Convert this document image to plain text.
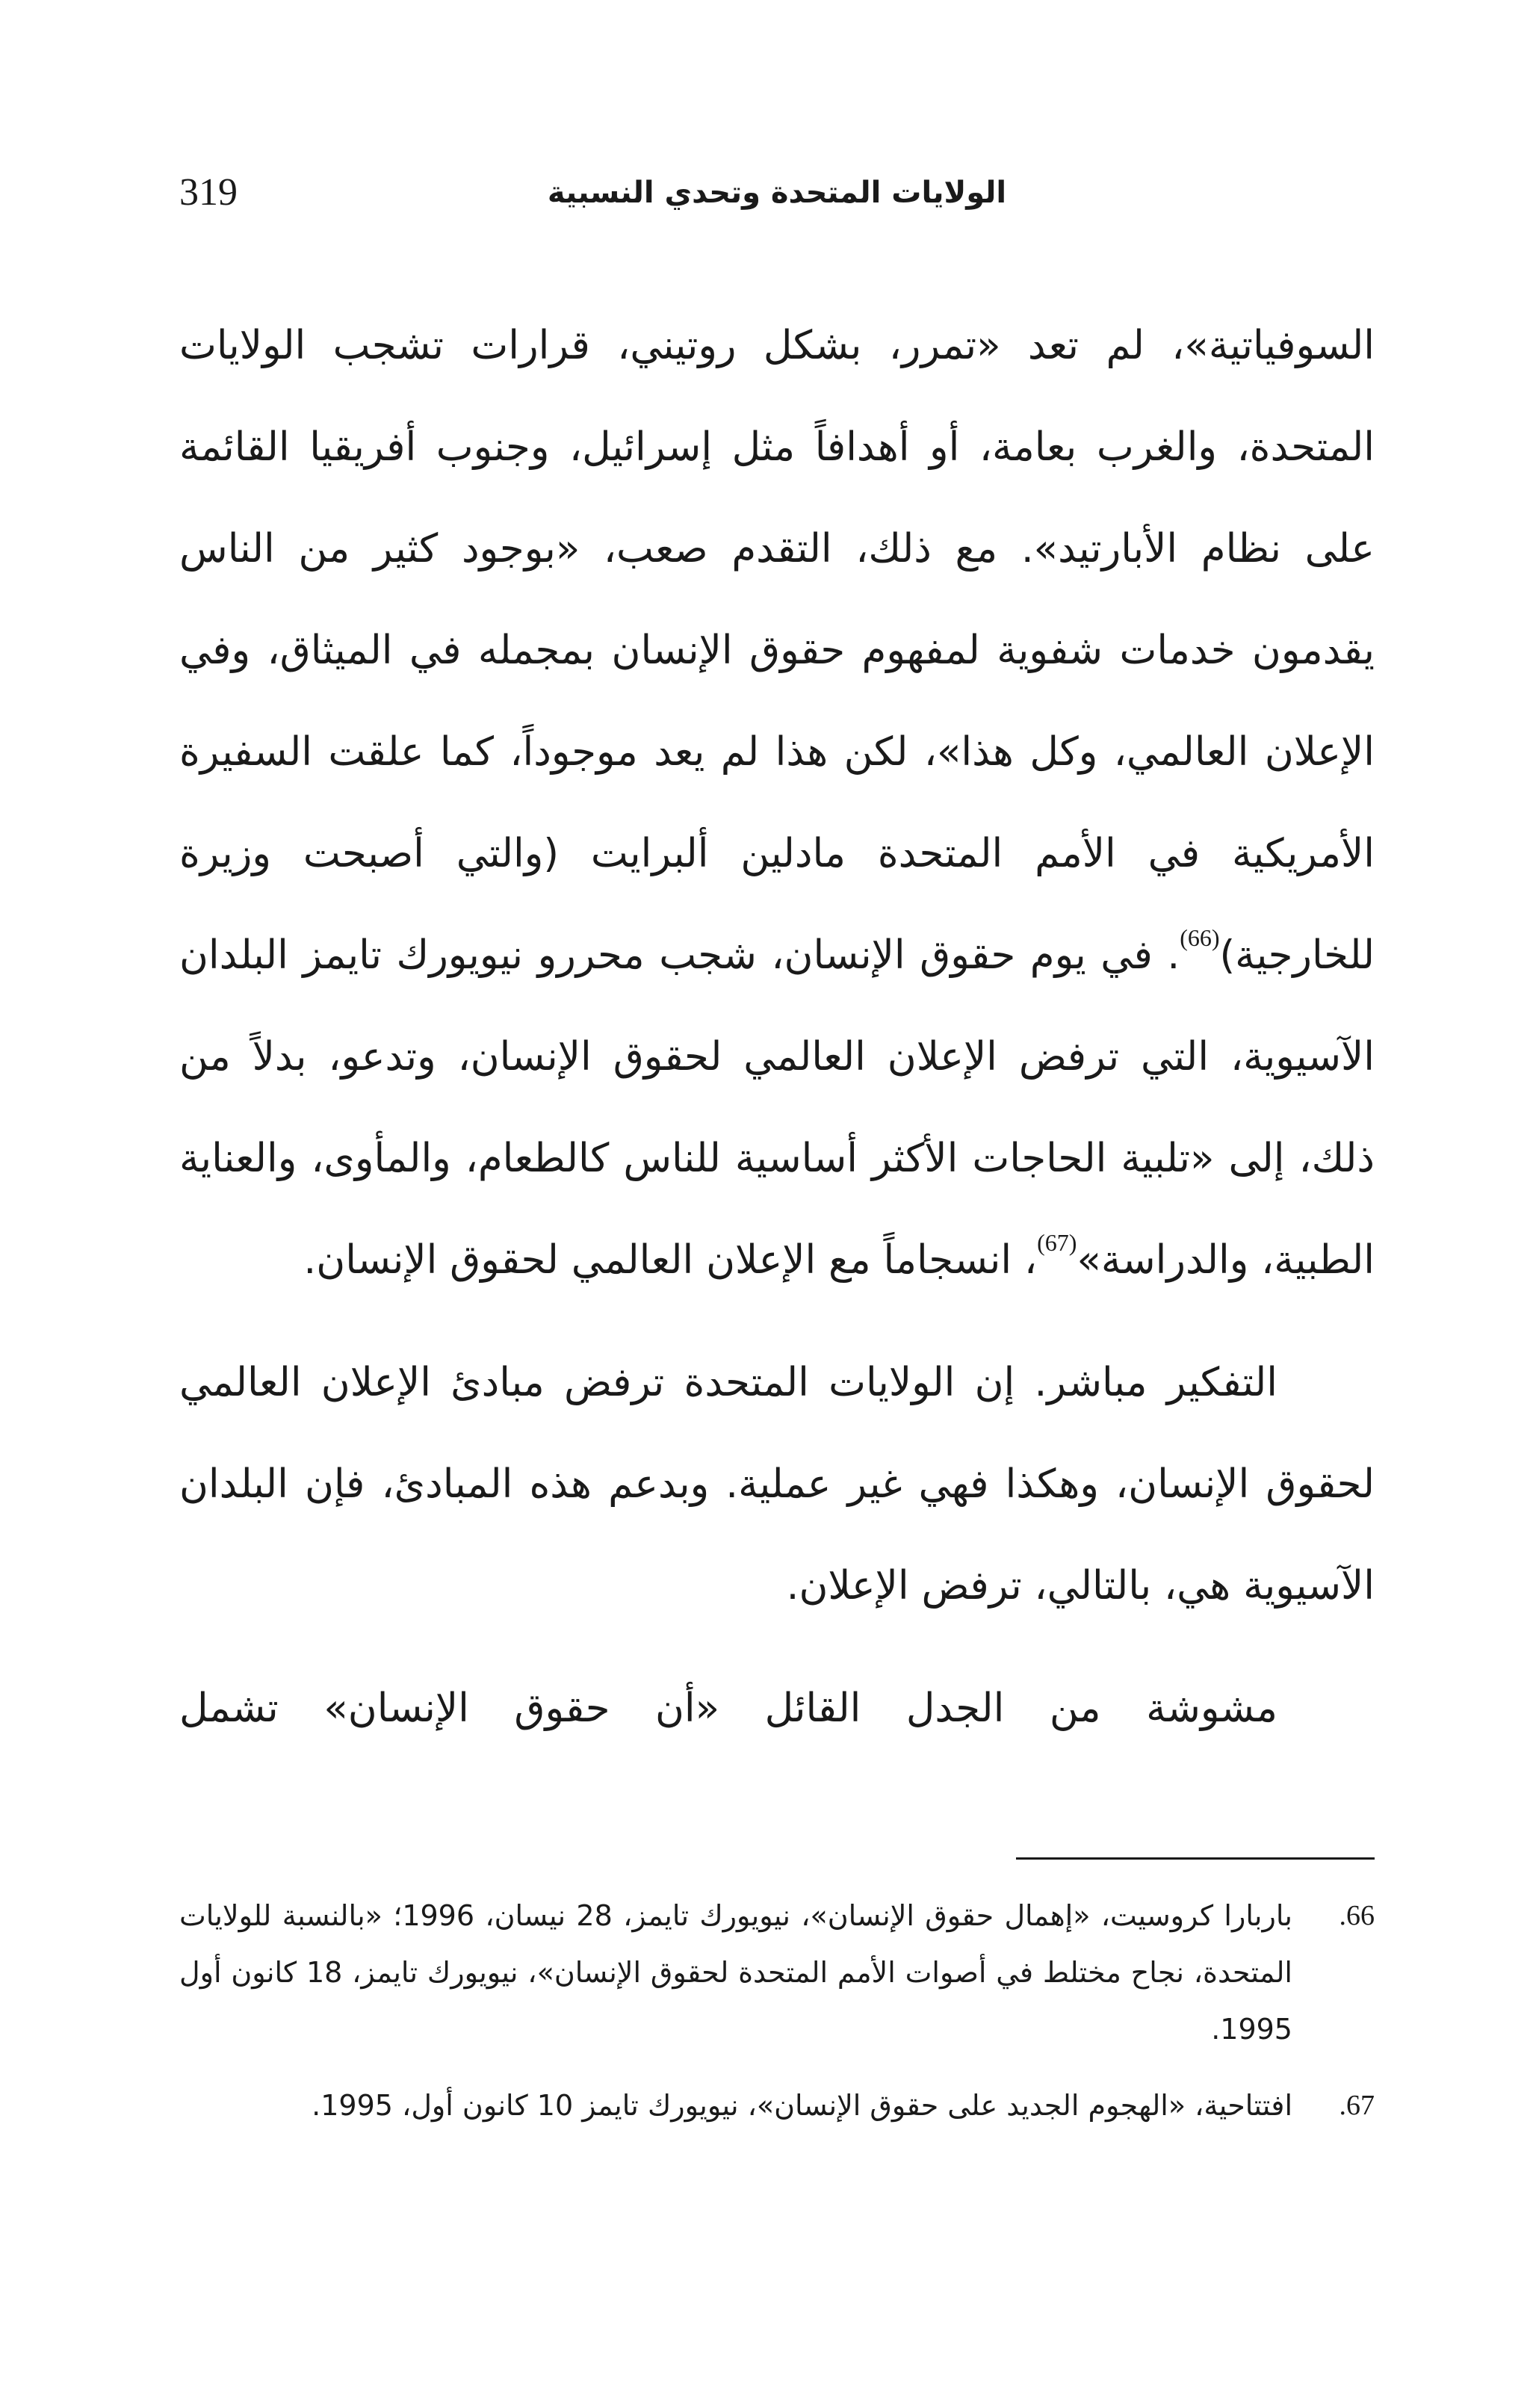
319	الولايات المتحدة وتحدي النسبية

السوفياتية»، لم تعد «تمرر، بشكل روتيني، قرارات تشجب الولايات المتحدة، والغرب بعامة، أو أهدافاً مثل إسرائيل، وجنوب أفريقيا القائمة على نظام الأبارتيد». مع ذلك، التقدم صعب، «بوجود كثير من الناس يقدمون خدمات شفوية لمفهوم حقوق الإنسان بمجمله في الميثاق، وفي الإعلان العالمي، وكل هذا»، لكن هذا لم يعد موجوداً، كما علقت السفيرة الأمريكية في الأمم المتحدة مادلين ألبرايت (والتي أصبحت وزيرة للخارجية)$^{(66)}$. في يوم حقوق الإنسان، شجب محررو نيويورك تايمز البلدان الآسيوية، التي ترفض الإعلان العالمي لحقوق الإنسان، وتدعو، بدلاً من ذلك، إلى «تلبية الحاجات الأكثر أساسية للناس كالطعام، والمأوى، والعناية الطبية، والدراسة»$^{(67)}$، انسجاماً مع الإعلان العالمي لحقوق الإنسان.

التفكير مباشر. إن الولايات المتحدة ترفض مبادئ الإعلان العالمي لحقوق الإنسان، وهكذا فهي غير عملية. وبدعم هذه المبادئ، فإن البلدان الآسيوية هي، بالتالي، ترفض الإعلان.

مشوشة من الجدل القائل «أن حقوق الإنسان» تشمل

.66
باربارا كروسيت، «إهمال حقوق الإنسان»، نيويورك تايمز، 28 نيسان، 1996؛ «بالنسبة للولايات المتحدة، نجاح مختلط في أصوات الأمم المتحدة لحقوق الإنسان»، نيويورك تايمز، 18 كانون أول 1995.

.67
افتتاحية، «الهجوم الجديد على حقوق الإنسان»، نيويورك تايمز 10 كانون أول، 1995.
